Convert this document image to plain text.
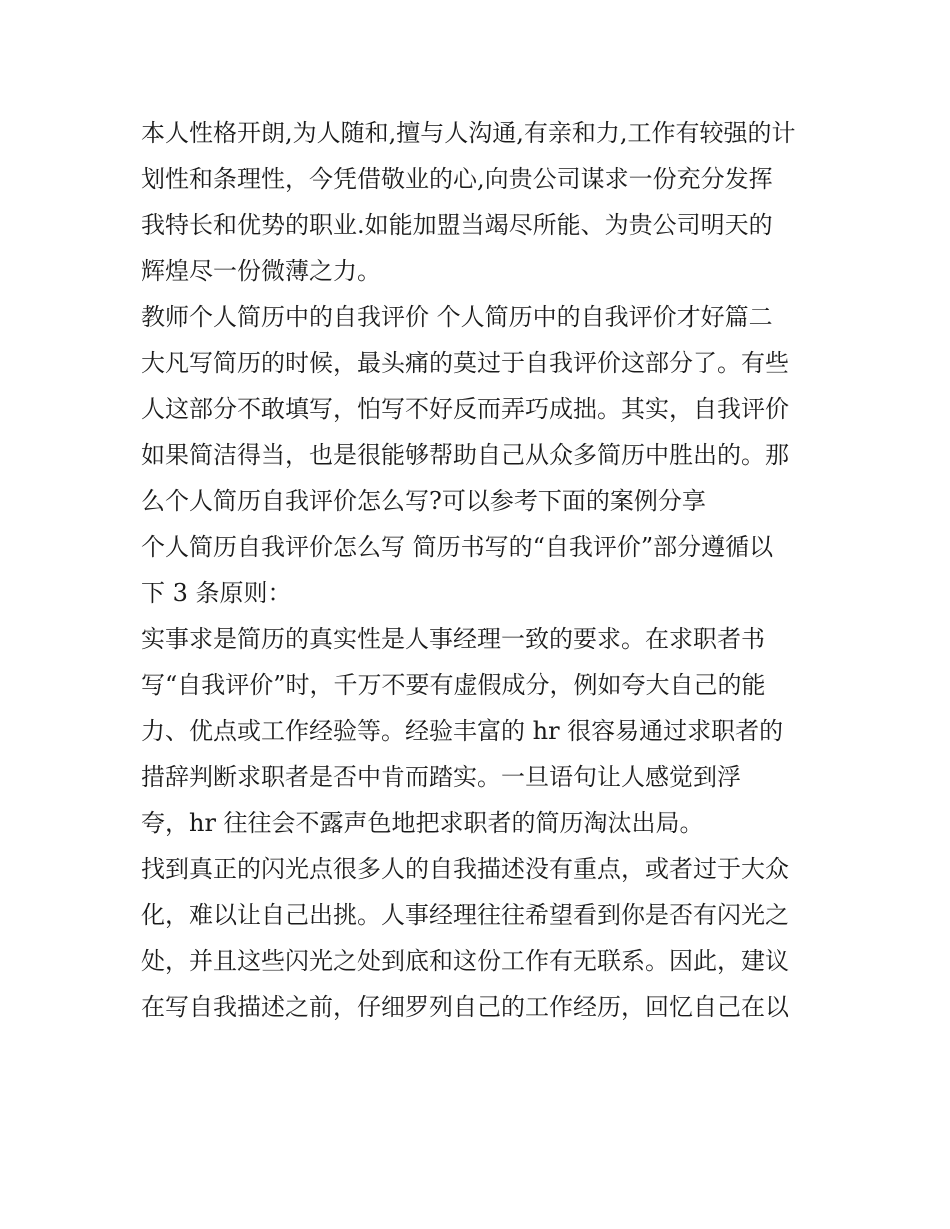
本人性格开朗,为人随和,擅与人沟通,有亲和力,工作有较强的计
划性和条理性，今凭借敬业的心,向贵公司谋求一份充分发挥
我特长和优势的职业.如能加盟当竭尽所能、为贵公司明天的
辉煌尽一份微薄之力。
教师个人简历中的自我评价 个人简历中的自我评价才好篇二
大凡写简历的时候，最头痛的莫过于自我评价这部分了。有些
人这部分不敢填写，怕写不好反而弄巧成拙。其实，自我评价
如果简洁得当，也是很能够帮助自己从众多简历中胜出的。那
么个人简历自我评价怎么写?可以参考下面的案例分享
个人简历自我评价怎么写 简历书写的“自我评价”部分遵循以
下 3 条原则：
实事求是简历的真实性是人事经理一致的要求。在求职者书
写“自我评价”时，千万不要有虚假成分，例如夸大自己的能
力、优点或工作经验等。经验丰富的 hr 很容易通过求职者的
措辞判断求职者是否中肯而踏实。一旦语句让人感觉到浮
夸，hr 往往会不露声色地把求职者的简历淘汰出局。
找到真正的闪光点很多人的自我描述没有重点，或者过于大众
化，难以让自己出挑。人事经理往往希望看到你是否有闪光之
处，并且这些闪光之处到底和这份工作有无联系。因此，建议
在写自我描述之前，仔细罗列自己的工作经历，回忆自己在以
